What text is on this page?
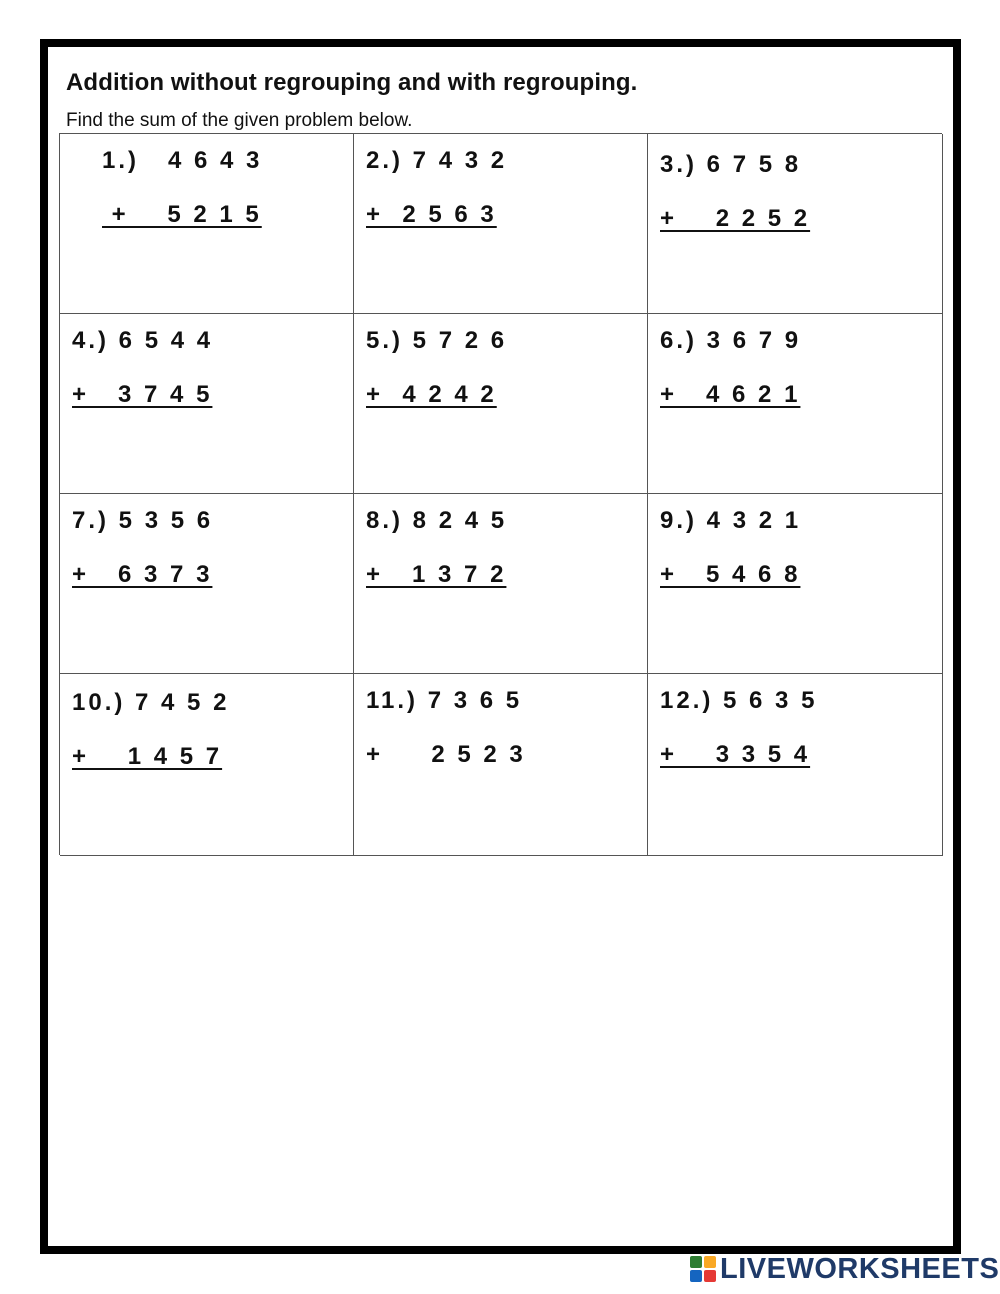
Addition without regrouping and with regrouping.
Find the sum of the given problem below.
1.)   4 6 4 3
+    5 2 1 5
2.) 7 4 3 2
+  2 5 6 3
3.) 6 7 5 8
+    2 2 5 2
4.) 6 5 4 4
+   3 7 4 5
5.) 5 7 2 6
+  4 2 4 2
6.) 3 6 7 9
+   4 6 2 1
7.) 5 3 5 6
+   6 3 7 3
8.) 8 2 4 5
+   1 3 7 2
9.) 4 3 2 1
+   5 4 6 8
10.) 7 4 5 2
+    1 4 5 7
11.) 7 3 6 5
+     2 5 2 3
12.) 5 6 3 5
+    3 3 5 4
LIVEWORKSHEETS
